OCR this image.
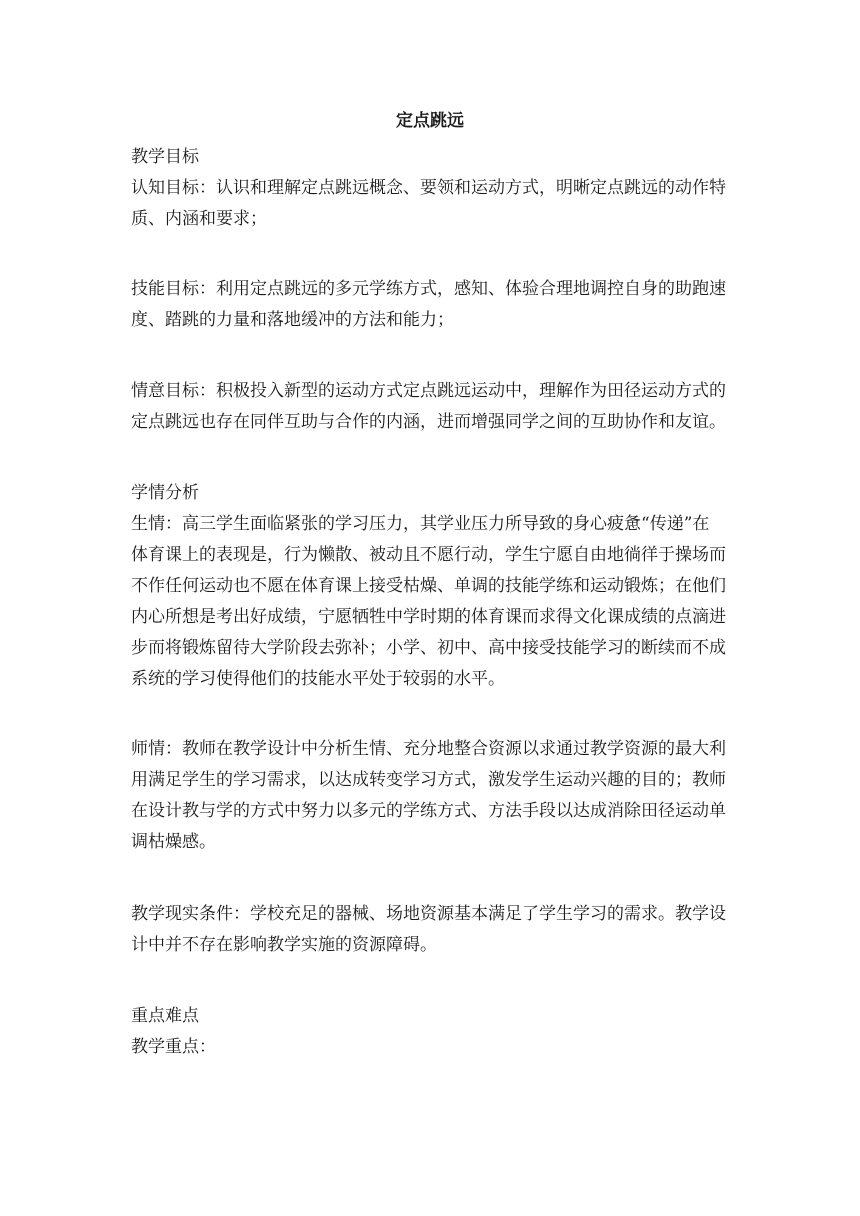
定点跳远

教学目标

认知目标：认识和理解定点跳远概念、要领和运动方式，明晰定点跳远的动作特
质、内涵和要求；

技能目标：利用定点跳远的多元学练方式，感知、体验合理地调控自身的助跑速
度、踏跳的力量和落地缓冲的方法和能力；

情意目标：积极投入新型的运动方式定点跳远运动中，理解作为田径运动方式的
定点跳远也存在同伴互助与合作的内涵，进而增强同学之间的互助协作和友谊。

学情分析

生情：高三学生面临紧张的学习压力，其学业压力所导致的身心疲惫“传递”在
体育课上的表现是，行为懒散、被动且不愿行动，学生宁愿自由地徜徉于操场而
不作任何运动也不愿在体育课上接受枯燥、单调的技能学练和运动锻炼；在他们
内心所想是考出好成绩，宁愿牺牲中学时期的体育课而求得文化课成绩的点滴进
步而将锻炼留待大学阶段去弥补；小学、初中、高中接受技能学习的断续而不成
系统的学习使得他们的技能水平处于较弱的水平。

师情：教师在教学设计中分析生情、充分地整合资源以求通过教学资源的最大利
用满足学生的学习需求，以达成转变学习方式，激发学生运动兴趣的目的；教师
在设计教与学的方式中努力以多元的学练方式、方法手段以达成消除田径运动单
调枯燥感。

教学现实条件：学校充足的器械、场地资源基本满足了学生学习的需求。教学设
计中并不存在影响教学实施的资源障碍。

重点难点

教学重点：
